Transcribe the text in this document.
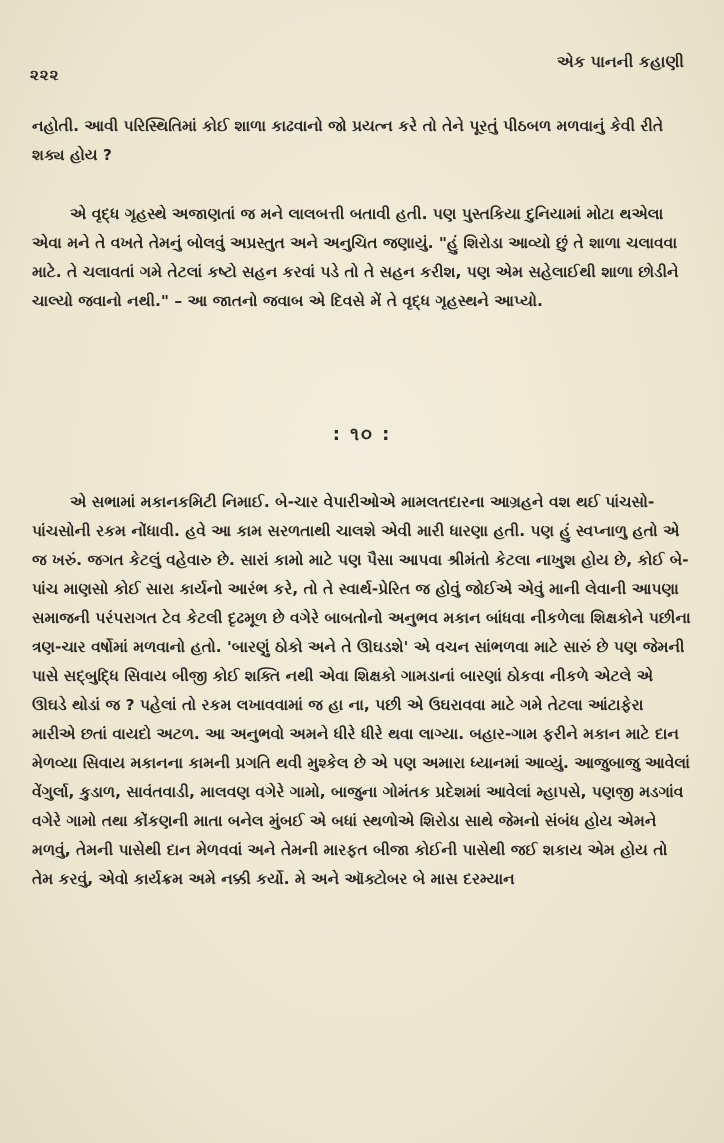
૨૨૨
એક પાનની કહાણી

નહોતી. આવી પરિસ્થિતિમાં કોઈ શાળા કાઢવાનો જો પ્રયત્ન કરે તો તેને પૂરતું પીઠબળ મળવાનું કેવી રીતે શક્ય હોય ?

એ વૃદ્ધ ગૃહસ્થે અજાણતાં જ મને લાલબત્તી બતાવી હતી. પણ પુસ્તકિયા દુનિયામાં મોટા થએલા એવા મને તે વખતે તેમનું બોલવું અપ્રસ્તુત અને અનુચિત જણાયું. "હું શિરોડા આવ્યો છું તે શાળા ચલાવવા માટે. તે ચલાવતાં ગમે તેટલાં કષ્ટો સહન કરવાં પડે તો તે સહન કરીશ, પણ એમ સહેલાઈથી શાળા છોડીને ચાલ્યો જવાનો નથી." – આ જાતનો જવાબ એ દિવસે મેં તે વૃદ્ધ ગૃહસ્થને આપ્યો.

: ૧૦ :

એ સભામાં મકાનકમિટી નિમાઈ. બે-ચાર વેપારીઓએ મામલતદારના આગ્રહને વશ થઈ પાંચસો-પાંચસોની રકમ નોંધાવી. હવે આ કામ સરળતાથી ચાલશે એવી મારી ધારણા હતી. પણ હું સ્વપ્નાળુ હતો એ જ ખરું. જગત કેટલું વહેવારુ છે. સારાં કામો માટે પણ પૈસા આપવા શ્રીમંતો કેટલા નાખુશ હોય છે, કોઈ બે-પાંચ માણસો કોઈ સારા કાર્યનો આરંભ કરે, તો તે સ્વાર્થ-પ્રેરિત જ હોવું જોઈએ એવું માની લેવાની આપણા સમાજની પરંપરાગત ટેવ કેટલી દૃઢમૂળ છે વગેરે બાબતોનો અનુભવ મકાન બાંધવા નીકળેલા શિક્ષકોને પછીના ત્રણ-ચાર વર્ષોમાં મળવાનો હતો. 'બારણું ઠોકો અને તે ઊઘડશે' એ વચન સાંભળવા માટે સારું છે પણ જેમની પાસે સદ્બુદ્ધિ સિવાય બીજી કોઈ શક્તિ નથી એવા શિક્ષકો ગામડાનાં બારણાં ઠોકવા નીકળે એટલે એ ઊઘડે થોડાં જ ? પહેલાં તો રકમ લખાવવામાં જ હા ના, પછી એ ઉઘરાવવા માટે ગમે તેટલા આંટાફેરા મારીએ છતાં વાયદો અટળ. આ અનુભવો અમને ધીરે ધીરે થવા લાગ્યા. બહાર-ગામ ફરીને મકાન માટે દાન મેળવ્યા સિવાય મકાનના કામની પ્રગતિ થવી મુશ્કેલ છે એ પણ અમારા ધ્યાનમાં આવ્યું. આજુબાજુ આવેલાં વેંગુર્લા, કુડાળ, સાવંતવાડી, માલવણ વગેરે ગામો, બાજુના ગોમંતક પ્રદેશમાં આવેલાં મ્હાપસે, પણજી મડગાંવ વગેરે ગામો તથા કોંકણની માતા બનેલ મુંબઈ એ બધાં સ્થળોએ શિરોડા સાથે જેમનો સંબંધ હોય એમને મળવું, તેમની પાસેથી દાન મેળવવાં અને તેમની મારફત બીજા કોઈની પાસેથી જઈ શકાય એમ હોય તો તેમ કરવું, એવો કાર્યક્રમ અમે નક્કી કર્યો. મે અને ઑક્ટોબર બે માસ દરમ્યાન
